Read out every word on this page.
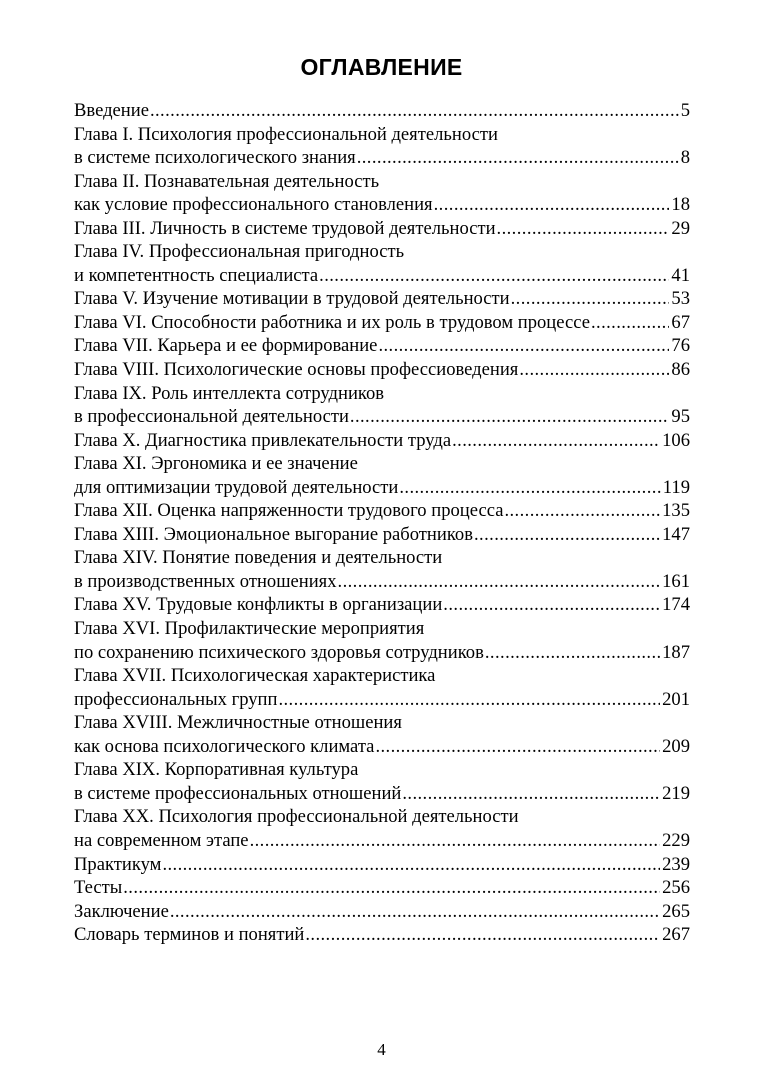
ОГЛАВЛЕНИЕ
Введение .....	5
Глава I. Психология профессиональной деятельности
в системе психологического знания .....	8
Глава II. Познавательная деятельность
как условие профессионального становления .....	18
Глава III. Личность в системе трудовой деятельности .....	29
Глава IV. Профессиональная пригодность
и компетентность специалиста .....	41
Глава V. Изучение мотивации в трудовой деятельности .....	53
Глава VI. Способности работника и их роль в трудовом процессе .....	67
Глава VII. Карьера и ее формирование .....	76
Глава VIII. Психологические основы профессиоведения .....	86
Глава IX. Роль интеллекта сотрудников
в профессиональной деятельности .....	95
Глава X. Диагностика привлекательности труда .....	106
Глава XI. Эргономика и ее значение
для оптимизации трудовой деятельности .....	119
Глава XII. Оценка напряженности трудового процесса .....	135
Глава XIII. Эмоциональное выгорание работников .....	147
Глава XIV. Понятие поведения и деятельности
в производственных отношениях .....	161
Глава XV. Трудовые конфликты в организации .....	174
Глава XVI. Профилактические мероприятия
по сохранению психического здоровья сотрудников .....	187
Глава XVII. Психологическая характеристика
профессиональных групп .....	201
Глава XVIII. Межличностные отношения
как основа психологического климата .....	209
Глава XIX. Корпоративная культура
в системе профессиональных отношений .....	219
Глава XX. Психология профессиональной деятельности
на современном этапе .....	229
Практикум .....	239
Тесты .....	256
Заключение .....	265
Словарь терминов и понятий .....	267
4
